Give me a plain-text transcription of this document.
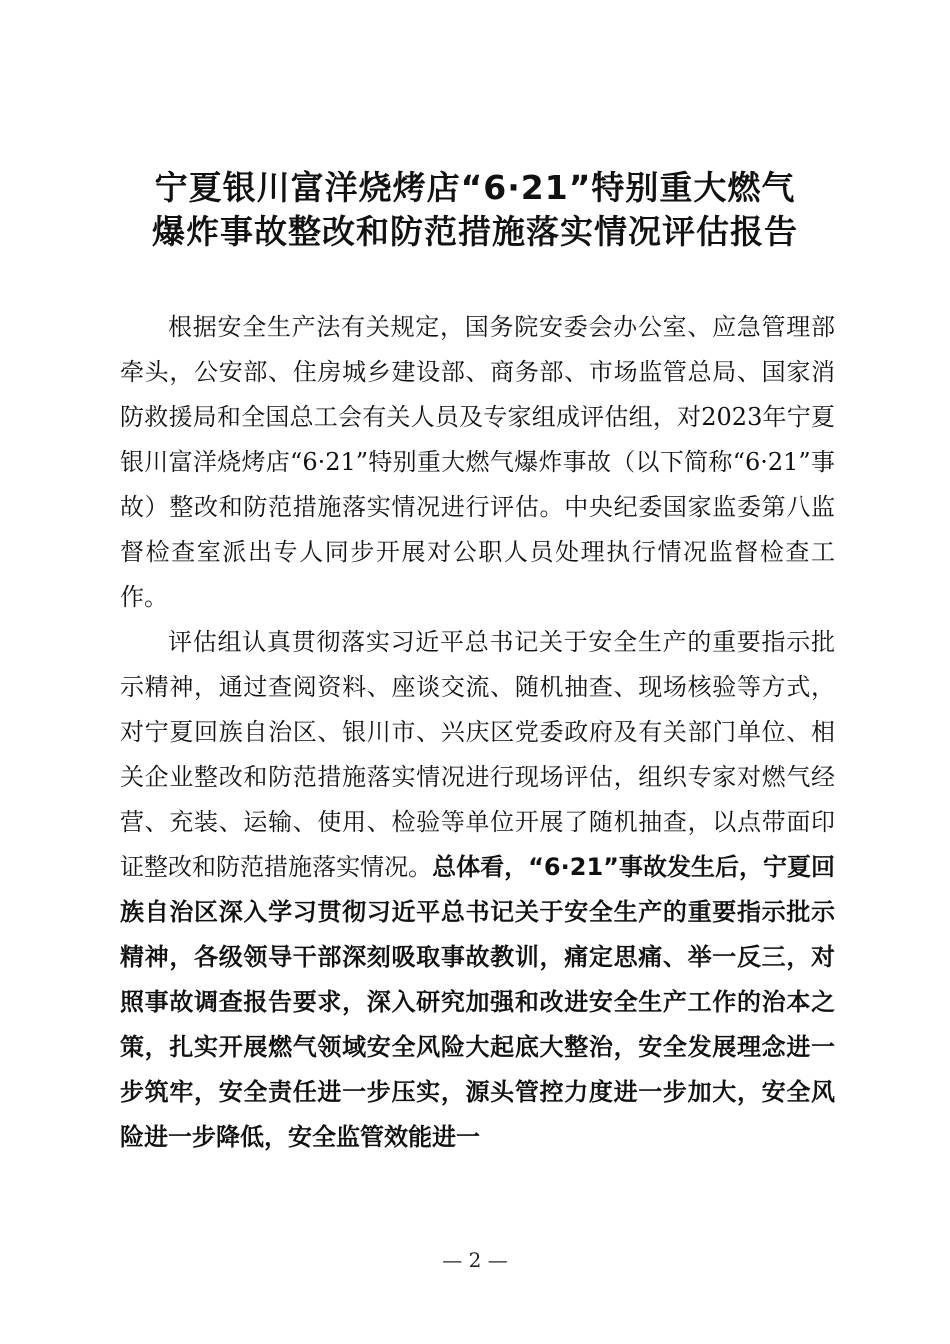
宁夏银川富洋烧烤店“6·21”特别重大燃气
爆炸事故整改和防范措施落实情况评估报告

根据安全生产法有关规定，国务院安委会办公室、应急管理部牵头，公安部、住房城乡建设部、商务部、市场监管总局、国家消防救援局和全国总工会有关人员及专家组成评估组，对2023年宁夏银川富洋烧烤店“6·21”特别重大燃气爆炸事故（以下简称“6·21”事故）整改和防范措施落实情况进行评估。中央纪委国家监委第八监督检查室派出专人同步开展对公职人员处理执行情况监督检查工作。

评估组认真贯彻落实习近平总书记关于安全生产的重要指示批示精神，通过查阅资料、座谈交流、随机抽查、现场核验等方式，对宁夏回族自治区、银川市、兴庆区党委政府及有关部门单位、相关企业整改和防范措施落实情况进行现场评估，组织专家对燃气经营、充装、运输、使用、检验等单位开展了随机抽查，以点带面印证整改和防范措施落实情况。总体看，“6·21”事故发生后，宁夏回族自治区深入学习贯彻习近平总书记关于安全生产的重要指示批示精神，各级领导干部深刻吸取事故教训，痛定思痛、举一反三，对照事故调查报告要求，深入研究加强和改进安全生产工作的治本之策，扎实开展燃气领域安全风险大起底大整治，安全发展理念进一步筑牢，安全责任进一步压实，源头管控力度进一步加大，安全风险进一步降低，安全监管效能进一

— 2 —
